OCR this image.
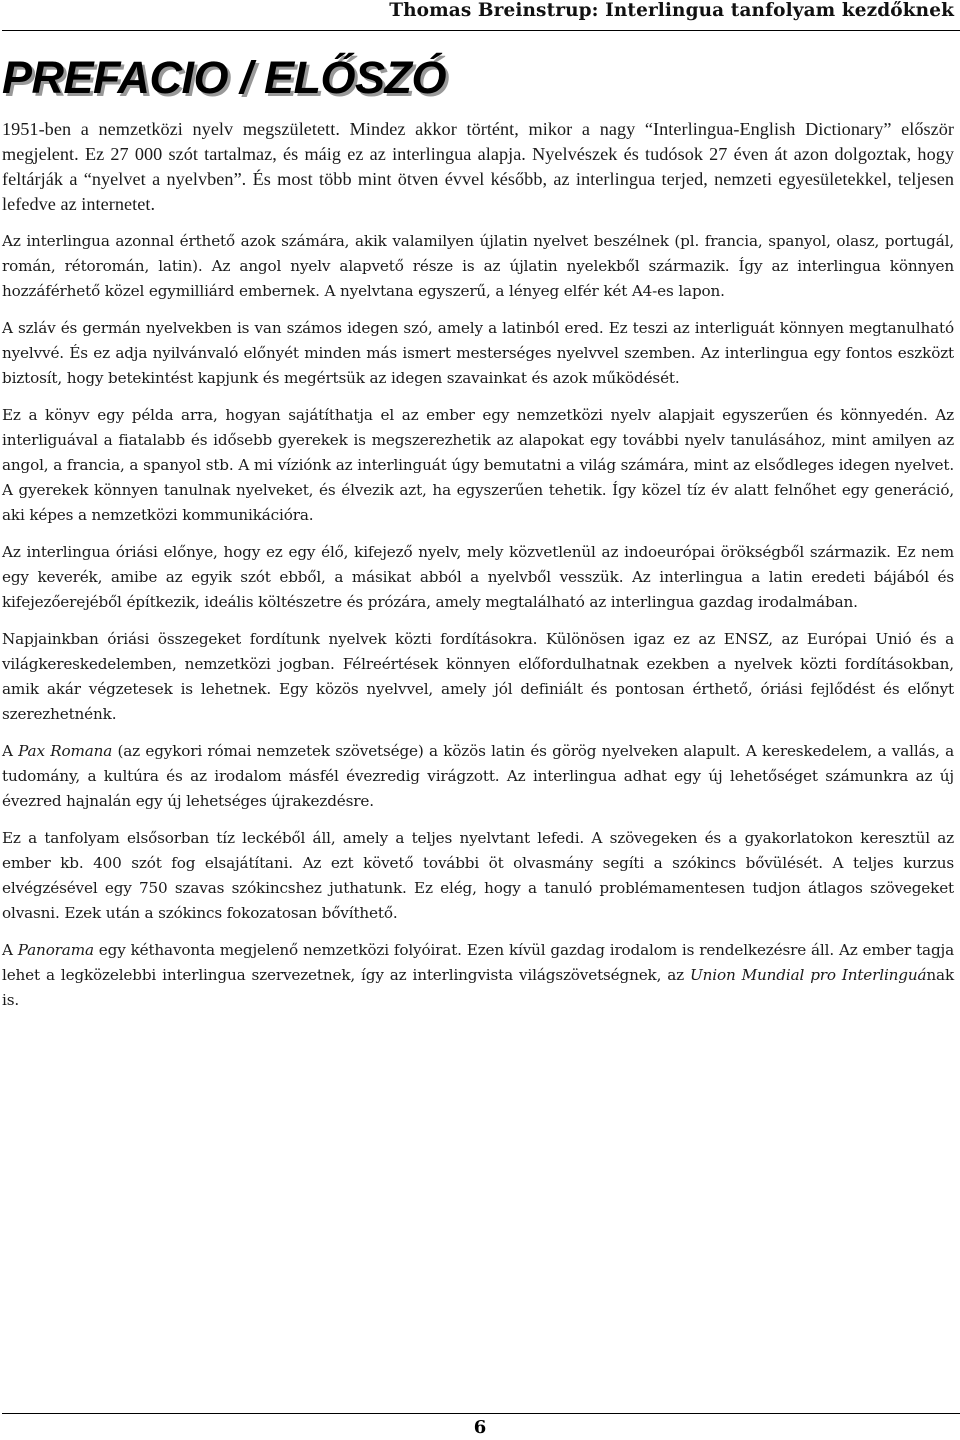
Thomas Breinstrup: Interlingua tanfolyam kezdőknek
PREFACIO / ELŐSZÓ

1951-ben a nemzetközi nyelv megszületett. Mindez akkor történt, mikor a nagy “Interlingua-English Dictionary” először megjelent. Ez 27 000 szót tartalmaz, és máig ez az interlingua alapja. Nyelvészek és tudósok 27 éven át azon dolgoztak, hogy feltárják a “nyelvet a nyelvben”. És most több mint ötven évvel később, az interlingua terjed, nemzeti egyesületekkel, teljesen lefedve az internetet.

Az interlingua azonnal érthető azok számára, akik valamilyen újlatin nyelvet beszélnek (pl. francia, spanyol, olasz, portugál, román, rétoromán, latin). Az angol nyelv alapvető része is az újlatin nyelekből származik. Így az interlingua könnyen hozzáférhető közel egymilliárd embernek. A nyelvtana egyszerű, a lényeg elfér két A4-es lapon.

A szláv és germán nyelvekben is van számos idegen szó, amely a latinból ered. Ez teszi az interliguát könnyen megtanulható nyelvvé. És ez adja nyilvánvaló előnyét minden más ismert mesterséges nyelvvel szemben. Az interlingua egy fontos eszközt biztosít, hogy betekintést kapjunk és megértsük az idegen szavainkat és azok működését.

Ez a könyv egy példa arra, hogyan sajátíthatja el az ember egy nemzetközi nyelv alapjait egyszerűen és könnyedén. Az interliguával a fiatalabb és idősebb gyerekek is megszerezhetik az alapokat egy további nyelv tanulásához, mint amilyen az angol, a francia, a spanyol stb. A mi víziónk az interlinguát úgy bemutatni a világ számára, mint az elsődleges idegen nyelvet. A gyerekek könnyen tanulnak nyelveket, és élvezik azt, ha egyszerűen tehetik. Így közel tíz év alatt felnőhet egy generáció, aki képes a nemzetközi kommunikációra.

Az interlingua óriási előnye, hogy ez egy élő, kifejező nyelv, mely közvetlenül az indoeurópai örökségből származik. Ez nem egy keverék, amibe az egyik szót ebből, a másikat abból a nyelvből vesszük. Az interlingua a latin eredeti bájából és kifejezőerejéből építkezik, ideális költészetre és prózára, amely megtalálható az interlingua gazdag irodalmában.

Napjainkban óriási összegeket fordítunk nyelvek közti fordításokra. Különösen igaz ez az ENSZ, az Európai Unió és a világkereskedelemben, nemzetközi jogban. Félreértések könnyen előfordulhatnak ezekben a nyelvek közti fordításokban, amik akár végzetesek is lehetnek. Egy közös nyelvvel, amely jól definiált és pontosan érthető, óriási fejlődést és előnyt szerezhetnénk.

A Pax Romana (az egykori római nemzetek szövetsége) a közös latin és görög nyelveken alapult. A kereskedelem, a vallás, a tudomány, a kultúra és az irodalom másfél évezredig virágzott. Az interlingua adhat egy új lehetőséget számunkra az új évezred hajnalán egy új lehetséges újrakezdésre.

Ez a tanfolyam elsősorban tíz leckéből áll, amely a teljes nyelvtant lefedi. A szövegeken és a gyakorlatokon keresztül az ember kb. 400 szót fog elsajátítani. Az ezt követő további öt olvasmány segíti a szókincs bővülését. A teljes kurzus elvégzésével egy 750 szavas szókincshez juthatunk. Ez elég, hogy a tanuló problémamentesen tudjon átlagos szövegeket olvasni. Ezek után a szókincs fokozatosan bővíthető.

A Panorama egy kéthavonta megjelenő nemzetközi folyóirat. Ezen kívül gazdag irodalom is rendelkezésre áll. Az ember tagja lehet a legközelebbi interlingua szervezetnek, így az interlingvista világszövetségnek, az Union Mundial pro Interlinguának is.

6
